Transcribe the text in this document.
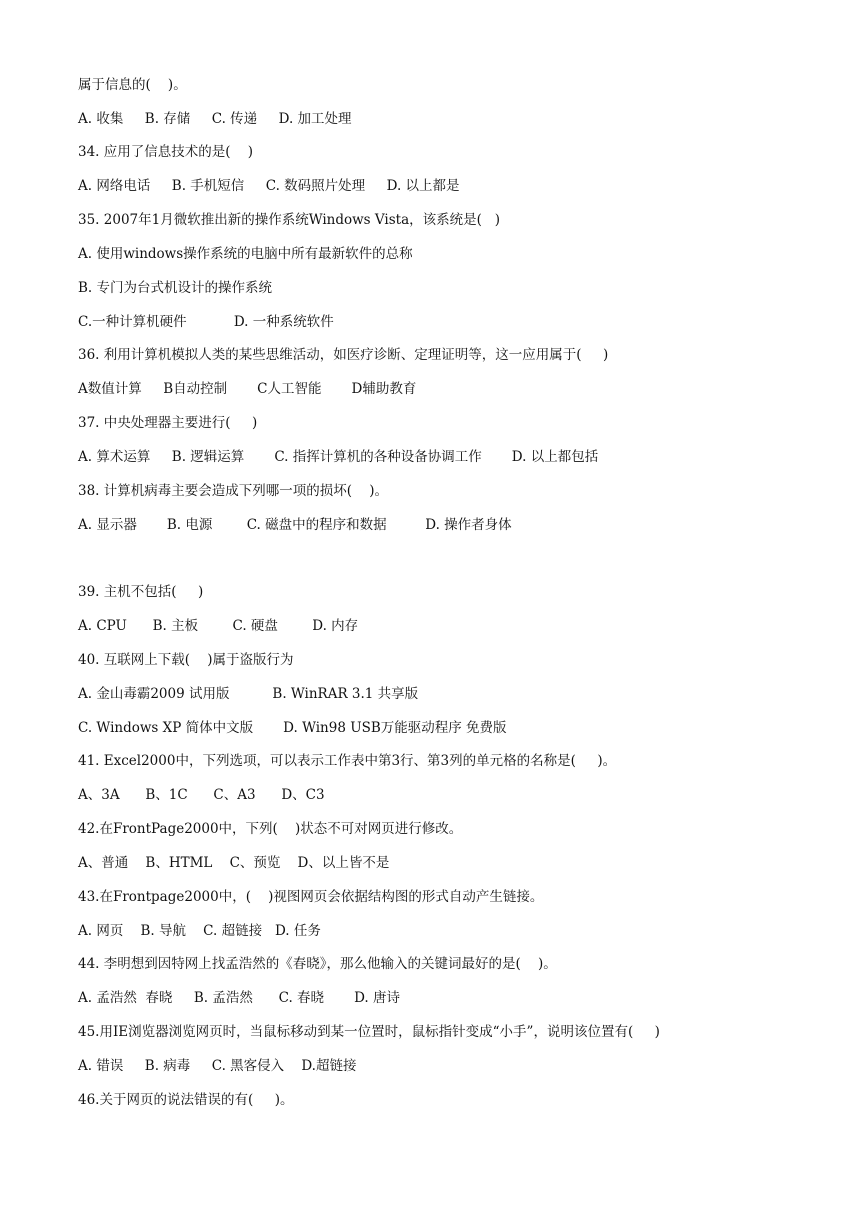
属于信息的(    )。
A. 收集     B. 存储     C. 传递     D. 加工处理
34. 应用了信息技术的是(    )
A. 网络电话     B. 手机短信     C. 数码照片处理     D. 以上都是
35. 2007年1月微软推出新的操作系统Windows Vista，该系统是(   )
A. 使用windows操作系统的电脑中所有最新软件的总称
B. 专门为台式机设计的操作系统
C.一种计算机硬件           D. 一种系统软件
36. 利用计算机模拟人类的某些思维活动，如医疗诊断、定理证明等，这一应用属于(     )
A数值计算     B自动控制       C人工智能       D辅助教育
37. 中央处理器主要进行(     )
A. 算术运算     B. 逻辑运算       C. 指挥计算机的各种设备协调工作       D. 以上都包括
38. 计算机病毒主要会造成下列哪一项的损坏(    )。
A. 显示器       B. 电源        C. 磁盘中的程序和数据         D. 操作者身体
39. 主机不包括(     )
A. CPU      B. 主板        C. 硬盘        D. 内存
40. 互联网上下载(    )属于盗版行为
A. 金山毒霸2009 试用版          B. WinRAR 3.1 共享版
C. Windows XP 简体中文版       D. Win98 USB万能驱动程序 免费版
41. Excel2000中，下列选项，可以表示工作表中第3行、第3列的单元格的名称是(     )。
A、3A      B、1C      C、A3      D、C3
42.在FrontPage2000中，下列(    )状态不可对网页进行修改。
A、普通    B、HTML    C、预览    D、以上皆不是
43.在Frontpage2000中，(    )视图网页会依据结构图的形式自动产生链接。
A. 网页    B. 导航    C. 超链接   D. 任务
44. 李明想到因特网上找孟浩然的《春晓》，那么他输入的关键词最好的是(    )。
A. 孟浩然  春晓     B. 孟浩然      C. 春晓       D. 唐诗
45.用IE浏览器浏览网页时，当鼠标移动到某一位置时，鼠标指针变成“小手”，说明该位置有(     )
A. 错误     B. 病毒     C. 黑客侵入    D.超链接
46.关于网页的说法错误的有(     )。
